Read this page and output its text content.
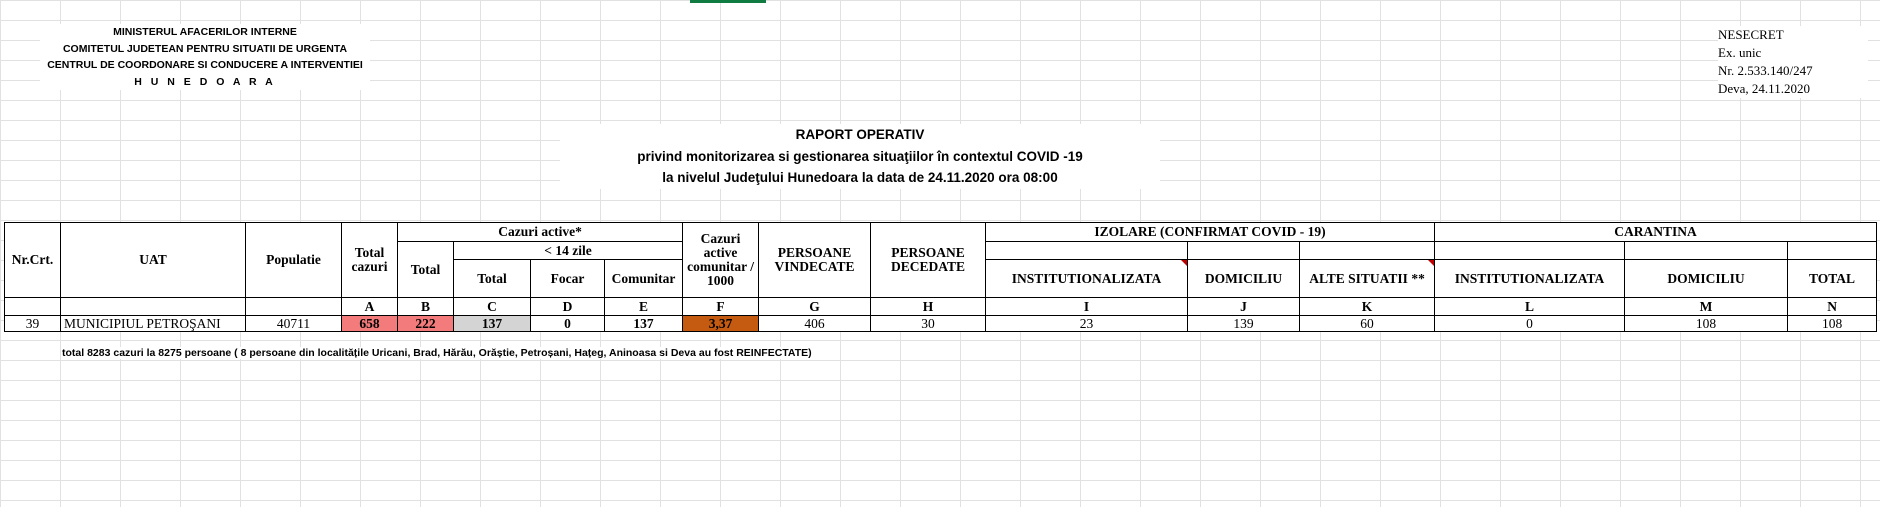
MINISTERUL AFACERILOR INTERNE
COMITETUL JUDETEAN PENTRU SITUATII DE URGENTA
CENTRUL DE COORDONARE SI CONDUCERE A INTERVENTIEI
H U N E D O A R A
NESECRET
Ex. unic
Nr. 2.533.140/247
Deva, 24.11.2020
RAPORT OPERATIV
privind monitorizarea si gestionarea situaţiilor în contextul COVID -19
la nivelul Judeţului Hunedoara la data de 24.11.2020 ora 08:00
Nr.Crt.	UAT	Populatie	Total cazuri	Cazuri active*				Cazuri active comunitar / 1000	PERSOANE VINDECATE	PERSOANE DECEDATE	IZOLARE (CONFIRMAT COVID - 19)			CARANTINA		
				Total	< 14 zile											
					Total	Focar	Comunitar				INSTITUTIONALIZATA	DOMICILIU	ALTE SITUATII **	INSTITUTIONALIZATA	DOMICILIU	TOTAL
			A	B	C	D	E	F	G	H	I	J	K	L	M	N
39	MUNICIPIUL PETROŞANI	40711	658	222	137	0	137	3,37	406	30	23	139	60	0	108	108
total 8283 cazuri la 8275 persoane ( 8 persoane din localitățile Uricani, Brad, Hărău, Orăștie, Petroșani, Hațeg, Aninoasa si Deva au fost REINFECTATE)
